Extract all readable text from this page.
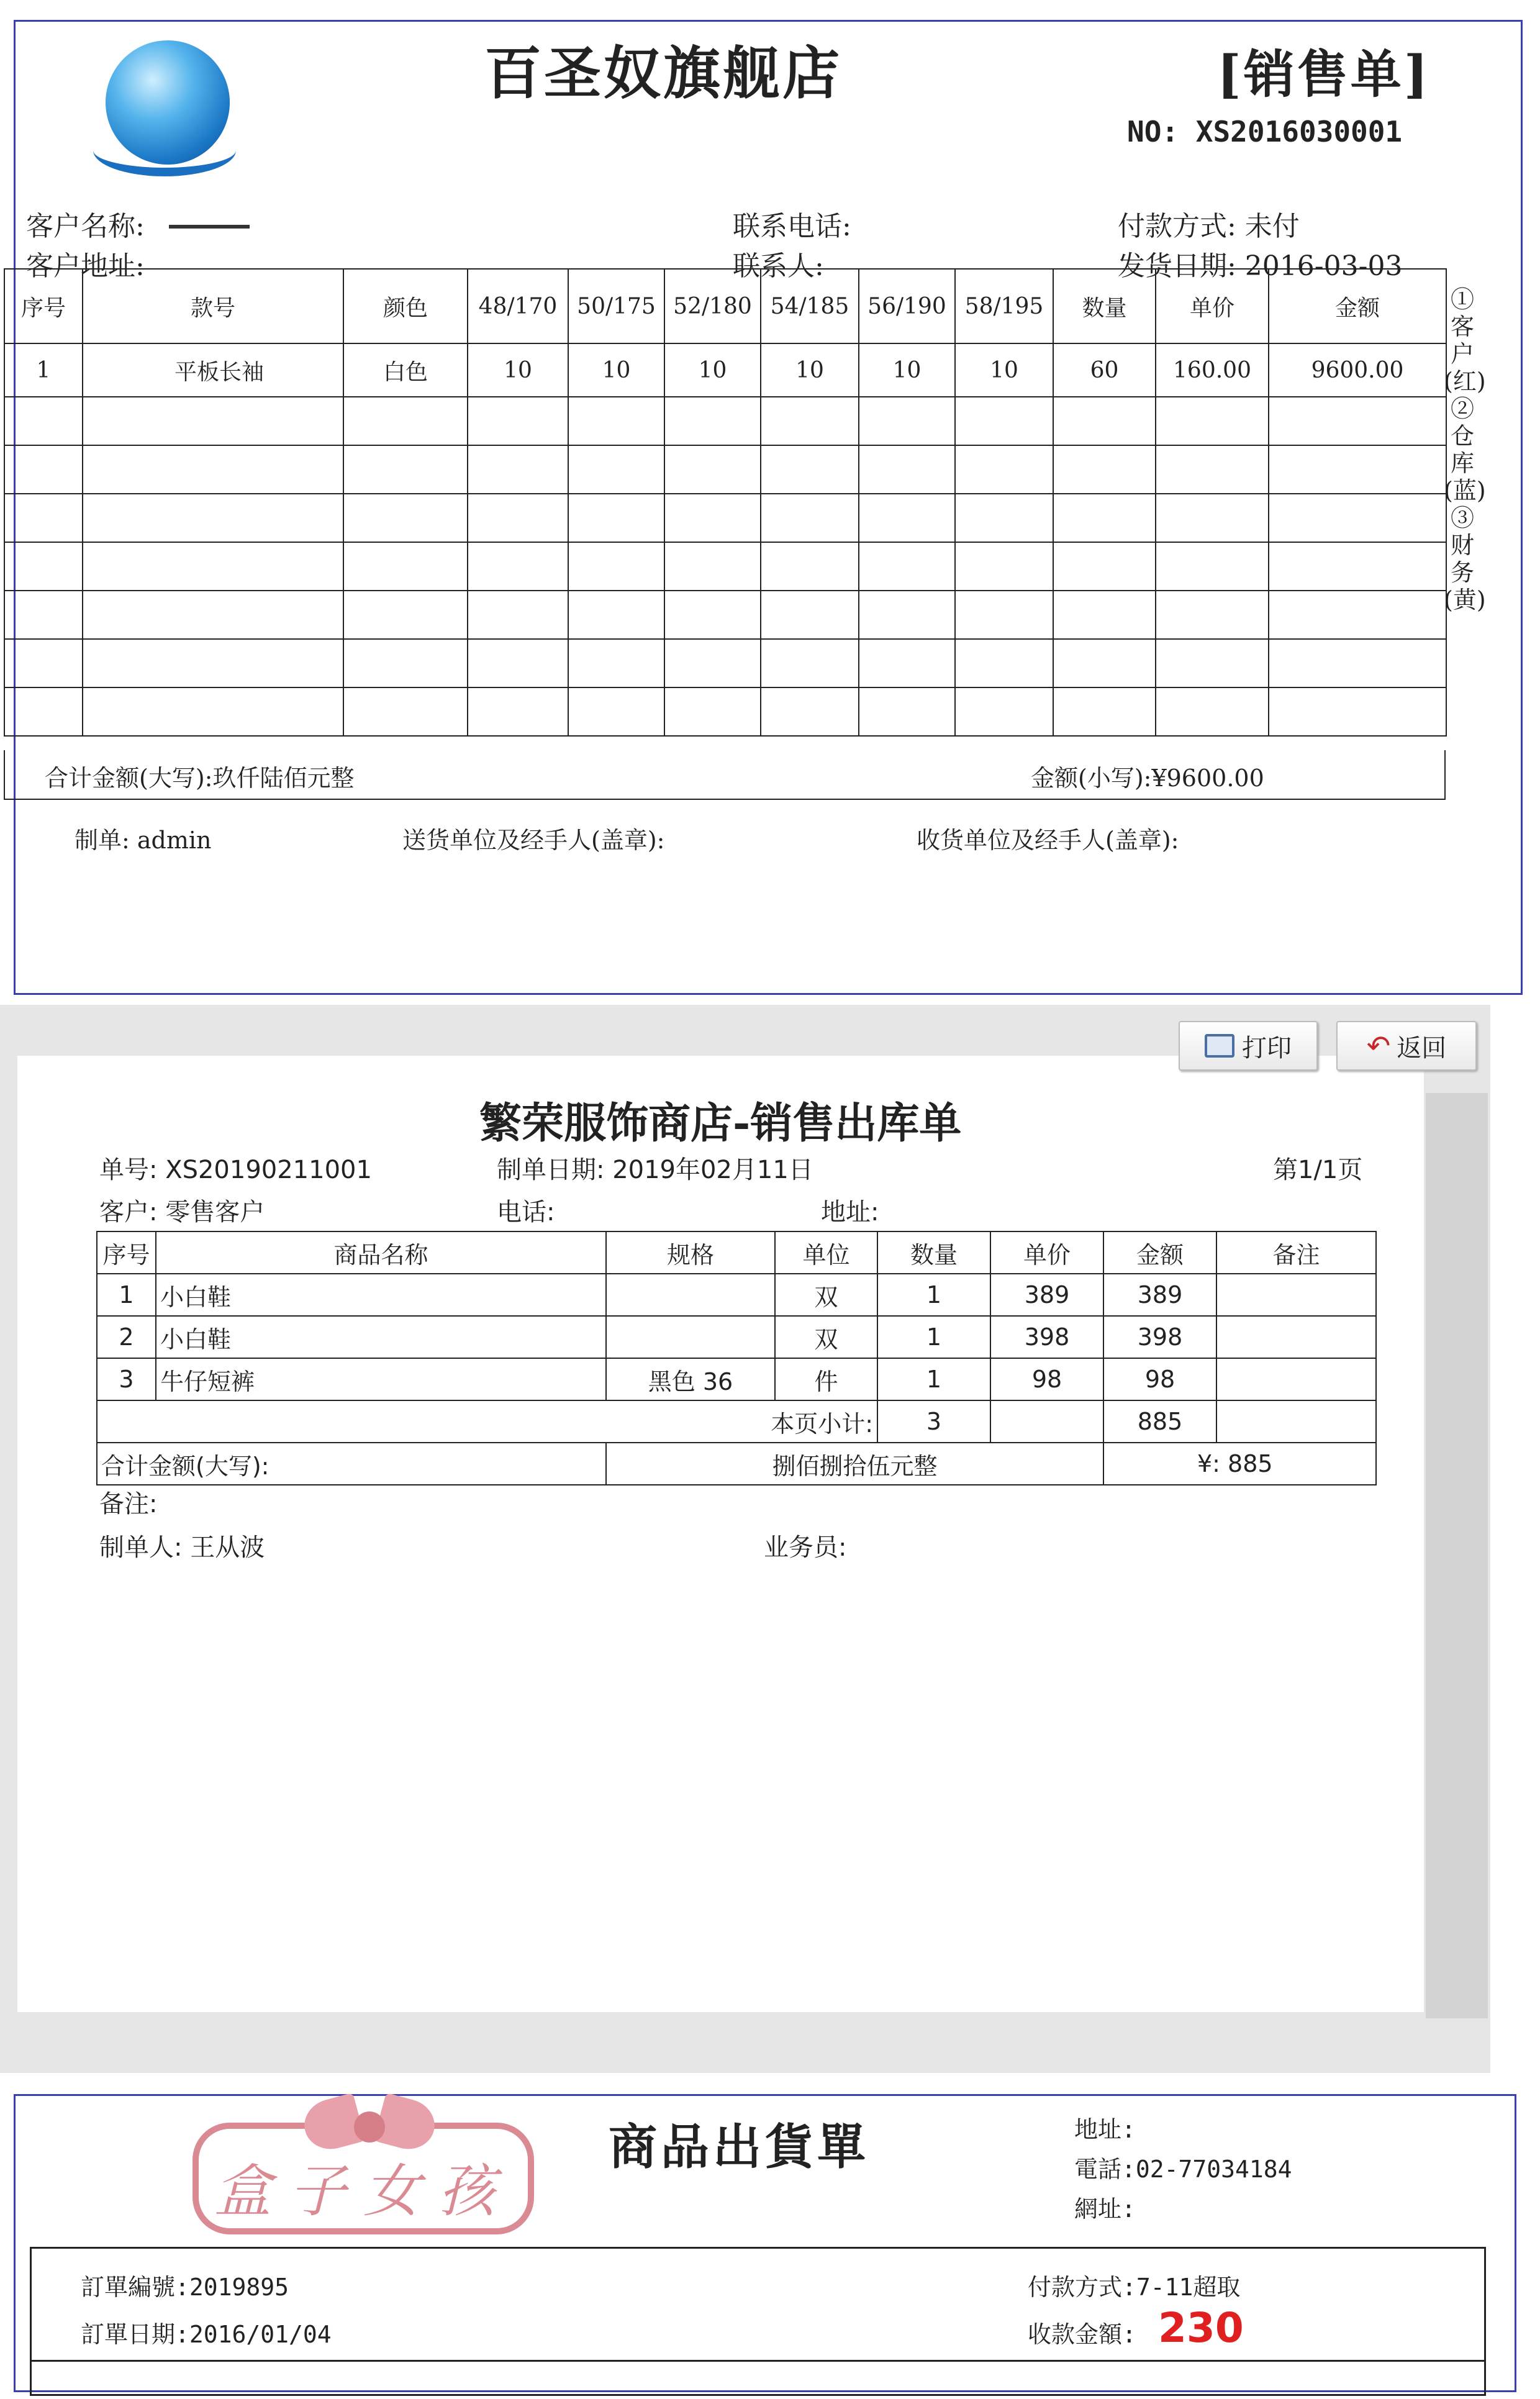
百圣奴旗舰店	[销售单]
NO: XS2016030001
客户名称:
客户地址:
联系电话:
联系人:
付款方式: 未付
发货日期: 2016-03-03
序号	款号	颜色	48/170	50/175	52/180	54/185	56/190	58/195	数量	单价	金额
1	平板长袖	白色	10	10	10	10	10	10	60	160.00	9600.00

合计金额(大写):玖仟陆佰元整	金额(小写):¥9600.00
①客户(红)②仓库(蓝)③财务(黄)
制单: admin	送货单位及经手人(盖章):	收货单位及经手人(盖章):
打印	↶ 返回
繁荣服饰商店-销售出库单
单号: XS20190211001	制单日期: 2019年02月11日	第1/1页
客户: 零售客户	电话:	地址:
序号	商品名称	规格	单位	数量	单价	金额	备注
1	小白鞋		双	1	389	389	
2	小白鞋		双	1	398	398	
3	牛仔短裤	黑色 36	件	1	98	98	
本页小计:				3		885	
合计金额(大写):		捌佰捌拾伍元整				¥: 885	
备注:
制单人: 王从波	业务员:
盒子女孩
商品出貨單	地址:
電話:02-77034184
網址:
訂單編號:2019895
訂單日期:2016/01/04
付款方式:7-11超取
收款金額: 230
